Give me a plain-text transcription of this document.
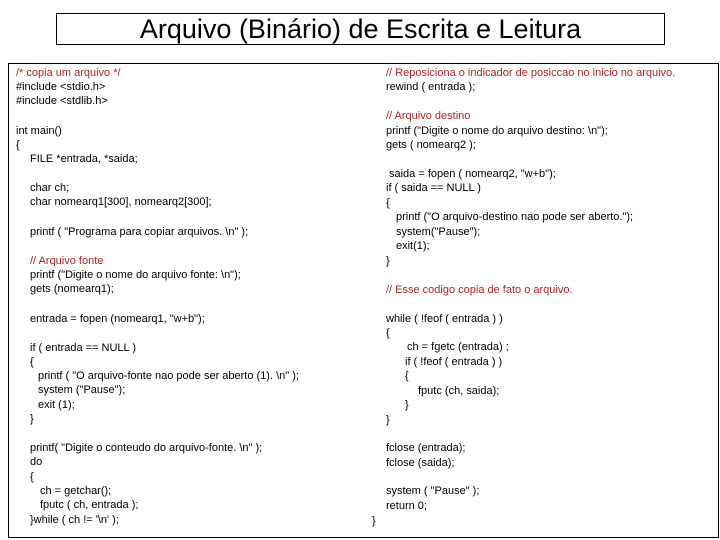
Arquivo (Binário) de Escrita e Leitura
/* copia um arquivo */
#include <stdio.h>
#include <stdlib.h>
int main()
{
FILE *entrada, *saida;
char ch;
char nomearq1[300], nomearq2[300];
printf ( "Programa para copiar arquivos. \n" );
// Arquivo fonte
printf ("Digite o nome do arquivo fonte: \n");
gets (nomearq1);
entrada = fopen (nomearq1, "w+b");
if ( entrada == NULL )
{
printf ( "O arquivo-fonte nao pode ser aberto (1). \n" );
system ("Pause");
exit (1);
}
printf( "Digite o conteudo do arquivo-fonte. \n" );
do
{
ch = getchar();
fputc ( ch, entrada );
}while ( ch != '\n' );
// Reposiciona o indicador de posiccao no inicio no arquivo.
rewind ( entrada );
// Arquivo destino
printf ("Digite o nome do arquivo destino: \n");
gets ( nomearq2 );
saida = fopen ( nomearq2, "w+b");
if ( saida == NULL )
{
printf ("O arquivo-destino nao pode ser aberto.");
system("Pause");
exit(1);
}
// Esse codigo copia de fato o arquivo.
while ( !feof ( entrada ) )
{
ch = fgetc (entrada) ;
if ( !feof ( entrada ) )
{
fputc (ch, saida);
}
}
fclose (entrada);
fclose (saida);
system ( "Pause" );
return 0;
}
